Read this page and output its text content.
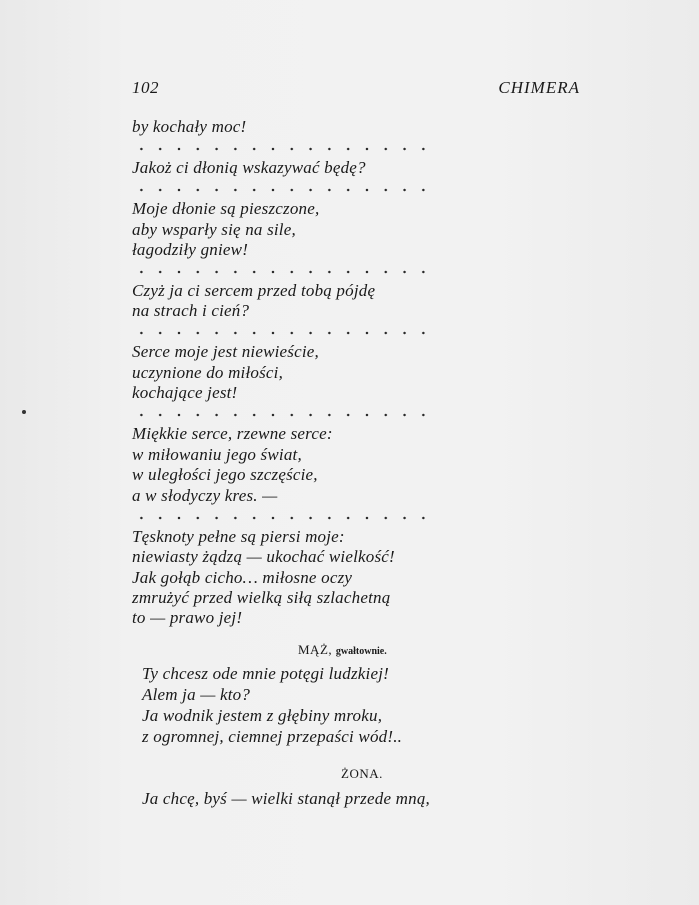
102	CHIMERA
by kochały moc!
Jakoż ci dłonią wskazywać będę?
Moje dłonie są pieszczone,
aby wsparły się na sile,
łagodziły gniew!
Czyż ja ci sercem przed tobą pójdę
na strach i cień?
Serce moje jest niewieście,
uczynione do miłości,
kochające jest!
Miękkie serce, rzewne serce:
w miłowaniu jego świat,
w uległości jego szczęście,
a w słodyczy kres. —
Tęsknoty pełne są piersi moje:
niewiasty żądzą — ukochać wielkość!
Jak gołąb cicho… miłosne oczy
zmrużyć przed wielką siłą szlachetną
to — prawo jej!
MĄŻ, gwałtownie.
Ty chcesz ode mnie potęgi ludzkiej!
Alem ja — kto?
Ja wodnik jestem z głębiny mroku,
z ogromnej, ciemnej przepaści wód!..
ŻONA.
Ja chcę, byś — wielki stanął przede mną,
